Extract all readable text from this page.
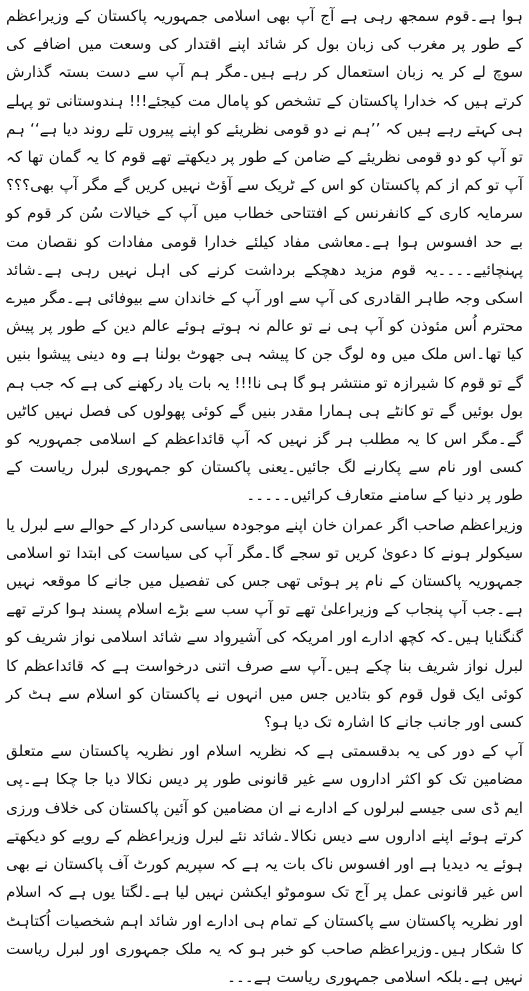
ہوا ہے۔قوم سمجھ رہی ہے آج آپ بھی اسلامی جمہوریہ پاکستان کے وزیراعظم کے طور پر مغرب کی زبان بول کر شائد اپنے اقتدار کی وسعت میں اضافے کی سوچ لے کر یہ زبان استعمال کر رہے ہیں۔مگر ہم آپ سے دست بستہ گذارش کرتے ہیں کہ خدارا پاکستان کے تشخص کو پامال مت کیجئے!!! ہندوستانی تو پہلے ہی کہتے رہے ہیں کہ ’’ہم نے دو قومی نظریئے کو اپنے پیروں تلے روند دیا ہے‘‘ ہم تو آپ کو دو قومی نظریئے کے ضامن کے طور پر دیکھتے تھے قوم کا یہ گمان تھا کہ آپ تو کم از کم پاکستان کو اس کے ٹریک سے آؤٹ نہیں کریں گے مگر آپ بھی؟؟؟ سرمایہ کاری کے کانفرنس کے افتتاحی خطاب میں آپ کے خیالات سُن کر قوم کو بے حد افسوس ہوا ہے۔معاشی مفاد کیلئے خدارا قومی مفادات کو نقصان مت پہنچائیے۔۔۔۔یہ قوم مزید دھچکے برداشت کرنے کی اہل نہیں رہی ہے۔شائد اسکی وجہ طاہر القادری کی آپ سے اور آپ کے خاندان سے بیوفائی ہے۔مگر میرے محترم اُس مئوذن کو آپ ہی نے تو عالم نہ ہوتے ہوئے عالم دین کے طور پر پیش کیا تھا۔اس ملک میں وہ لوگ جن کا پیشہ ہی جھوٹ بولنا ہے وہ دینی پیشوا بنیں گے تو قوم کا شیرازہ تو منتشر ہو گا ہی نا!!! یہ بات یاد رکھنے کی ہے کہ جب ہم بول بوئیں گے تو کانٹے ہی ہمارا مقدر بنیں گے کوئی پھولوں کی فصل نہیں کاٹیں گے۔مگر اس کا یہ مطلب ہر گز نہیں کہ آپ قائداعظم کے اسلامی جمہوریہ کو کسی اور نام سے پکارنے لگ جائیں۔یعنی پاکستان کو جمہوری لبرل ریاست کے طور پر دنیا کے سامنے متعارف کرائیں۔۔۔۔۔

وزیراعظم صاحب اگر عمران خان اپنے موجودہ سیاسی کردار کے حوالے سے لبرل یا سیکولر ہونے کا دعویٰ کریں تو سجے گا۔مگر آپ کی سیاست کی ابتدا تو اسلامی جمہوریہ پاکستان کے نام پر ہوئی تھی جس کی تفصیل میں جانے کا موقعہ نہیں ہے۔جب آپ پنجاب کے وزیراعلیٰ تھے تو آپ سب سے بڑے اسلام پسند ہوا کرتے تھے گنگنایا ہیں۔کہ کچھ ادارے اور امریکہ کی آشیرواد سے شائد اسلامی نواز شریف کو لبرل نواز شریف بنا چکے ہیں۔آپ سے صرف اتنی درخواست ہے کہ قائداعظم کا کوئی ایک قول قوم کو بتادیں جس میں انہوں نے پاکستان کو اسلام سے ہٹ کر کسی اور جانب جانے کا اشارہ تک دیا ہو؟

آپ کے دور کی یہ بدقسمتی ہے کہ نظریہ اسلام اور نظریہ پاکستان سے متعلق مضامین تک کو اکثر اداروں سے غیر قانونی طور پر دیس نکالا دیا جا چکا ہے۔پی ایم ڈی سی جیسے لبرلوں کے ادارے نے ان مضامین کو آئین پاکستان کی خلاف ورزی کرتے ہوئے اپنے اداروں سے دیس نکالا۔شائد نئے لبرل وزیراعظم کے رویے کو دیکھتے ہوئے یہ دیدیا ہے اور افسوس ناک بات یہ ہے کہ سپریم کورٹ آف پاکستان نے بھی اس غیر قانونی عمل پر آج تک سوموٹو ایکشن نہیں لیا ہے۔لگتا یوں ہے کہ اسلام اور نظریہ پاکستان سے پاکستان کے تمام ہی ادارے اور شائد اہم شخصیات اُکتاہٹ کا شکار ہیں۔وزیراعظم صاحب کو خبر ہو کہ یہ ملک جمہوری اور لبرل ریاست نہیں ہے۔بلکہ اسلامی جمہوری ریاست ہے۔۔۔
